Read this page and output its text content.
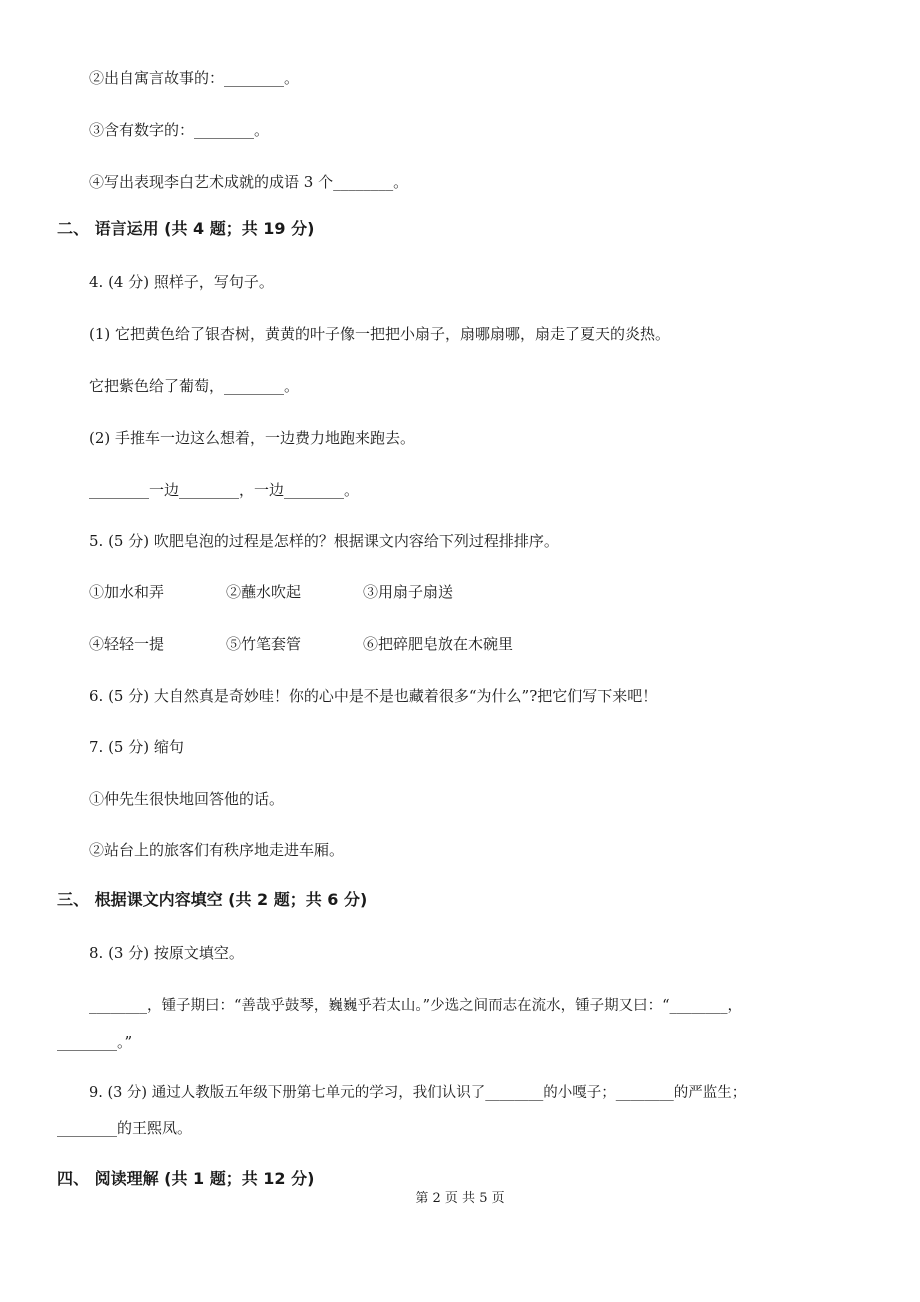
②出自寓言故事的：________。

③含有数字的：________。

④写出表现李白艺术成就的成语 3 个________。

二、 语言运用 (共 4 题；共 19 分)

4. (4 分) 照样子，写句子。

(1) 它把黄色给了银杏树，黄黄的叶子像一把把小扇子，扇哪扇哪，扇走了夏天的炎热。

它把紫色给了葡萄，________。

(2) 手推车一边这么想着，一边费力地跑来跑去。

________一边________，一边________。

5. (5 分) 吹肥皂泡的过程是怎样的？根据课文内容给下列过程排排序。

①加水和弄	②蘸水吹起	③用扇子扇送
④轻轻一提	⑤竹笔套管	⑥把碎肥皂放在木碗里

6. (5 分) 大自然真是奇妙哇！你的心中是不是也藏着很多“为什么”?把它们写下来吧！

7. (5 分) 缩句

①仲先生很快地回答他的话。

②站台上的旅客们有秩序地走进车厢。

三、 根据课文内容填空 (共 2 题；共 6 分)

8. (3 分) 按原文填空。

________，锺子期曰：“善哉乎鼓琴，巍巍乎若太山。”少选之间而志在流水，锺子期又曰：“________，

________。”

9. (3 分) 通过人教版五年级下册第七单元的学习，我们认识了________的小嘎子；________的严监生；

________的王熙凤。

四、 阅读理解 (共 1 题；共 12 分)

第 2 页 共 5 页
